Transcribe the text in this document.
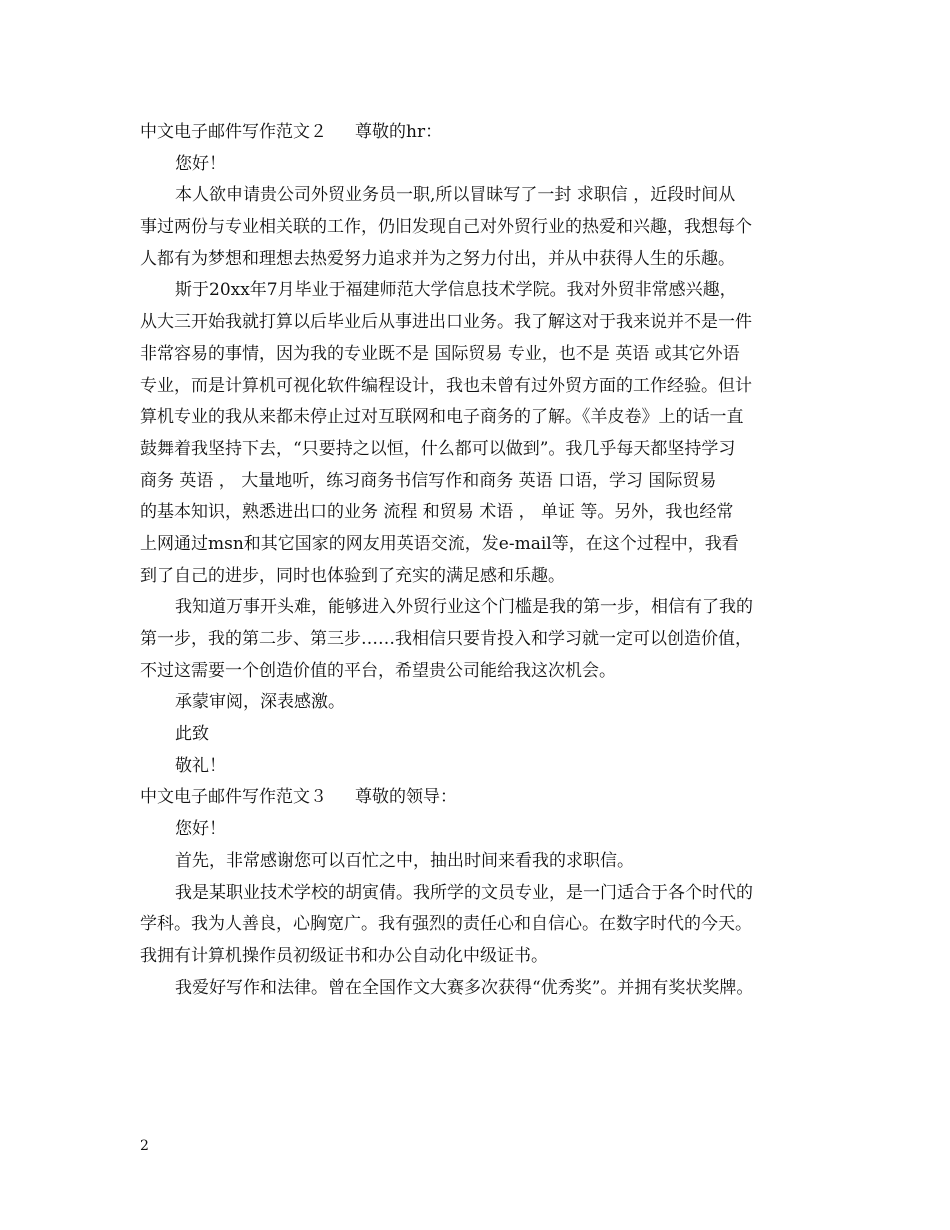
中文电子邮件写作范文２ 尊敬的hr：
您好！
本人欲申请贵公司外贸业务员一职,所以冒昧写了一封 求职信 ，近段时间从
事过两份与专业相关联的工作，仍旧发现自己对外贸行业的热爱和兴趣，我想每个
人都有为梦想和理想去热爱努力追求并为之努力付出，并从中获得人生的乐趣。
斯于20xx年7月毕业于福建师范大学信息技术学院。我对外贸非常感兴趣，
从大三开始我就打算以后毕业后从事进出口业务。我了解这对于我来说并不是一件
非常容易的事情，因为我的专业既不是 国际贸易 专业，也不是 英语 或其它外语
专业，而是计算机可视化软件编程设计，我也未曾有过外贸方面的工作经验。但计
算机专业的我从来都未停止过对互联网和电子商务的了解。《羊皮卷》上的话一直
鼓舞着我坚持下去，“只要持之以恒，什么都可以做到”。我几乎每天都坚持学习
商务 英语 ， 大量地听，练习商务书信写作和商务 英语 口语，学习 国际贸易
的基本知识，熟悉进出口的业务 流程 和贸易 术语 ， 单证 等。另外，我也经常
上网通过msn和其它国家的网友用英语交流，发e-mail等，在这个过程中，我看
到了自己的进步，同时也体验到了充实的满足感和乐趣。
我知道万事开头难，能够进入外贸行业这个门槛是我的第一步，相信有了我的
第一步，我的第二步、第三步……我相信只要肯投入和学习就一定可以创造价值，
不过这需要一个创造价值的平台，希望贵公司能给我这次机会。
承蒙审阅，深表感激。
此致
敬礼！
中文电子邮件写作范文３ 尊敬的领导：
您好！
首先，非常感谢您可以百忙之中，抽出时间来看我的求职信。
我是某职业技术学校的胡寅倩。我所学的文员专业，是一门适合于各个时代的
学科。我为人善良，心胸宽广。我有强烈的责任心和自信心。在数字时代的今天。
我拥有计算机操作员初级证书和办公自动化中级证书。
我爱好写作和法律。曾在全国作文大赛多次获得“优秀奖”。并拥有奖状奖牌。
2
